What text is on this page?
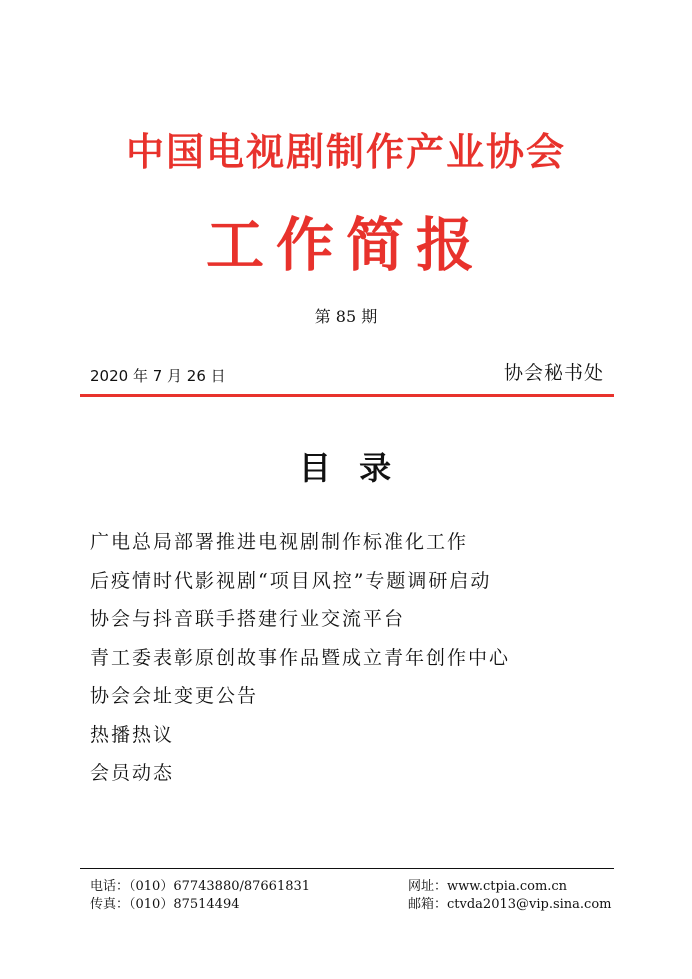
中国电视剧制作产业协会
工作简报
第 85 期
2020 年 7 月 26 日	协会秘书处
目  录
广电总局部署推进电视剧制作标准化工作
后疫情时代影视剧“项目风控”专题调研启动
协会与抖音联手搭建行业交流平台
青工委表彰原创故事作品暨成立青年创作中心
协会会址变更公告
热播热议
会员动态
电话：（010）67743880/87661831
传真：（010）87514494
网址：www.ctpia.com.cn
邮箱：ctvda2013@vip.sina.com
